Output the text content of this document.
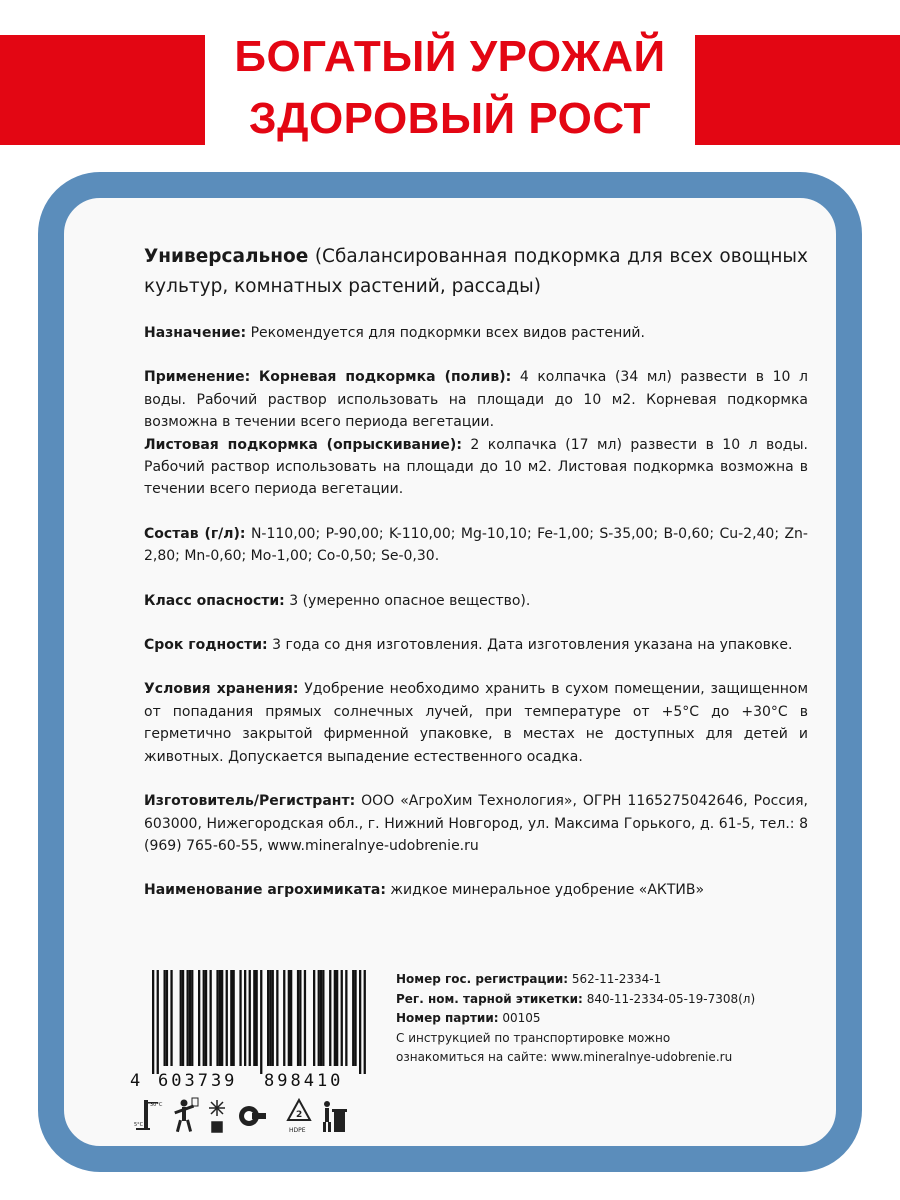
БОГАТЫЙ УРОЖАЙ
ЗДОРОВЫЙ РОСТ
Универсальное (Сбалансированная подкормка для всех овощных культур, комнатных растений, рассады)

Назначение: Рекомендуется для подкормки всех видов растений.

Применение: Корневая подкормка (полив): 4 колпачка (34 мл) развести в 10 л воды. Рабочий раствор использовать на площади до 10 м2. Корневая подкормка возможна в течении всего периода вегетации.

Листовая подкормка (опрыскивание): 2 колпачка (17 мл) развести в 10 л воды. Рабочий раствор использовать на площади до 10 м2. Листовая подкормка возможна в течении всего периода вегетации.

Состав (г/л): N-110,00; P-90,00; K-110,00; Mg-10,10; Fe-1,00; S-35,00; B-0,60; Cu-2,40; Zn-2,80; Mn-0,60; Mo-1,00; Co-0,50; Se-0,30.

Класс опасности: 3 (умеренно опасное вещество).

Срок годности: 3 года со дня изготовления. Дата изготовления указана на упаковке.

Условия хранения: Удобрение необходимо хранить в сухом помещении, защищенном от попадания прямых солнечных лучей, при температуре от +5°С до +30°С в герметично закрытой фирменной упаковке, в местах не доступных для детей и животных. Допускается выпадение естественного осадка.

Изготовитель/Регистрант: ООО «АгроХим Технология», ОГРН 1165275042646, Россия, 603000, Нижегородская обл., г. Нижний Новгород, ул. Максима Горького, д. 61-5, тел.: 8 (969) 765-60-55, www.mineralnye-udobrenie.ru

Наименование агрохимиката: жидкое минеральное удобрение «АКТИВ»

4 603739 898410
Номер гос. регистрации: 562-11-2334-1
Рег. ном. тарной этикетки: 840-11-2334-05-19-7308(л)
Номер партии: 00105
С инструкцией по транспортировке можно
ознакомиться на сайте: www.mineralnye-udobrenie.ru
30°С
5°С
2
HDPE
